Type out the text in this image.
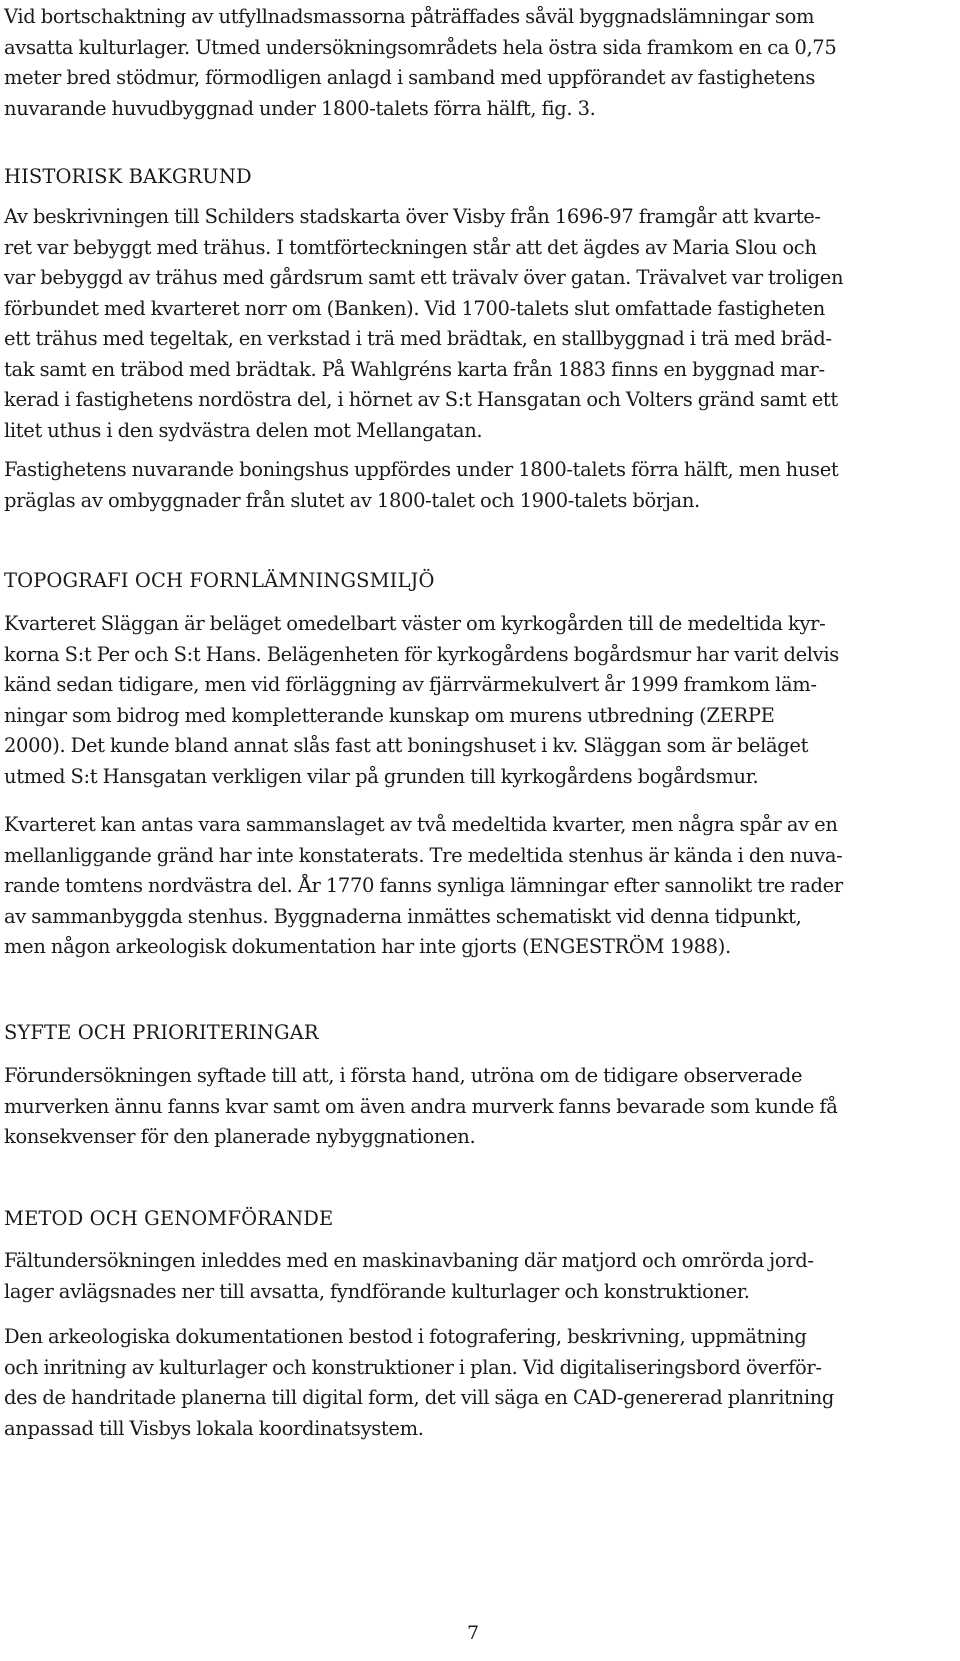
Vid bortschaktning av utfyllnadsmassorna påträffades såväl byggnadslämningar som
avsatta kulturlager. Utmed undersökningsområdets hela östra sida framkom en ca 0,75
meter bred stödmur, förmodligen anlagd i samband med uppförandet av fastighetens
nuvarande huvudbyggnad under 1800-talets förra hälft, fig. 3.

HISTORISK BAKGRUND

Av beskrivningen till Schilders stadskarta över Visby från 1696-97 framgår att kvarte-
ret var bebyggt med trähus. I tomtförteckningen står att det ägdes av Maria Slou och
var bebyggd av trähus med gårdsrum samt ett trävalv över gatan. Trävalvet var troligen
förbundet med kvarteret norr om (Banken). Vid 1700-talets slut omfattade fastigheten
ett trähus med tegeltak, en verkstad i trä med brädtak, en stallbyggnad i trä med bräd-
tak samt en träbod med brädtak. På Wahlgréns karta från 1883 finns en byggnad mar-
kerad i fastighetens nordöstra del, i hörnet av S:t Hansgatan och Volters gränd samt ett
litet uthus i den sydvästra delen mot Mellangatan.

Fastighetens nuvarande boningshus uppfördes under 1800-talets förra hälft, men huset
präglas av ombyggnader från slutet av 1800-talet och 1900-talets början.

TOPOGRAFI OCH FORNLÄMNINGSMILJÖ

Kvarteret Släggan är beläget omedelbart väster om kyrkogården till de medeltida kyr-
korna S:t Per och S:t Hans. Belägenheten för kyrkogårdens bogårdsmur har varit delvis
känd sedan tidigare, men vid förläggning av fjärrvärmekulvert år 1999 framkom läm-
ningar som bidrog med kompletterande kunskap om murens utbredning (ZERPE
2000). Det kunde bland annat slås fast att boningshuset i kv. Släggan som är beläget
utmed S:t Hansgatan verkligen vilar på grunden till kyrkogårdens bogårdsmur.

Kvarteret kan antas vara sammanslaget av två medeltida kvarter, men några spår av en
mellanliggande gränd har inte konstaterats. Tre medeltida stenhus är kända i den nuva-
rande tomtens nordvästra del. År 1770 fanns synliga lämningar efter sannolikt tre rader
av sammanbyggda stenhus. Byggnaderna inmättes schematiskt vid denna tidpunkt,
men någon arkeologisk dokumentation har inte gjorts (ENGESTRÖM 1988).

SYFTE OCH PRIORITERINGAR

Förundersökningen syftade till att, i första hand, utröna om de tidigare observerade
murverken ännu fanns kvar samt om även andra murverk fanns bevarade som kunde få
konsekvenser för den planerade nybyggnationen.

METOD OCH GENOMFÖRANDE

Fältundersökningen inleddes med en maskinavbaning där matjord och omrörda jord-
lager avlägsnades ner till avsatta, fyndförande kulturlager och konstruktioner.

Den arkeologiska dokumentationen bestod i fotografering, beskrivning, uppmätning
och inritning av kulturlager och konstruktioner i plan. Vid digitaliseringsbord överför-
des de handritade planerna till digital form, det vill säga en CAD-genererad planritning
anpassad till Visbys lokala koordinatsystem.

7
